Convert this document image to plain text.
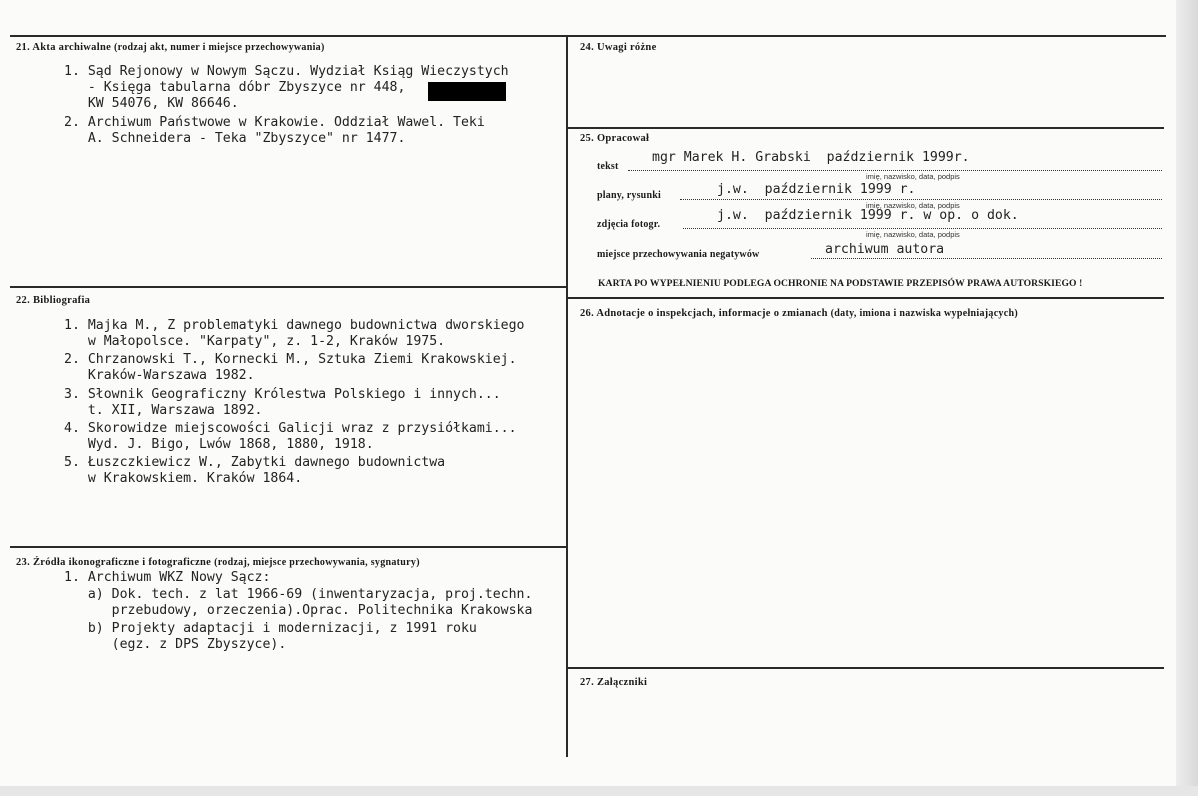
21. Akta archiwalne (rodzaj akt, numer i miejsce przechowywania)
1. Sąd Rejonowy w Nowym Sączu. Wydział Ksiąg Wieczystych
- Księga tabularna dóbr Zbyszyce nr 448,
KW 54076, KW 86646.
2. Archiwum Państwowe w Krakowie. Oddział Wawel. Teki
A. Schneidera - Teka "Zbyszyce" nr 1477.
22. Bibliografia
1. Majka M., Z problematyki dawnego budownictwa dworskiego
w Małopolsce. "Karpaty", z. 1-2, Kraków 1975.
2. Chrzanowski T., Kornecki M., Sztuka Ziemi Krakowskiej.
Kraków-Warszawa 1982.
3. Słownik Geograficzny Królestwa Polskiego i innych...
t. XII, Warszawa 1892.
4. Skorowidze miejscowości Galicji wraz z przysiółkami...
Wyd. J. Bigo, Lwów 1868, 1880, 1918.
5. Łuszczkiewicz W., Zabytki dawnego budownictwa
w Krakowskiem. Kraków 1864.
23. Źródła ikonograficzne i fotograficzne (rodzaj, miejsce przechowywania, sygnatury)
1. Archiwum WKZ Nowy Sącz:
a) Dok. tech. z lat 1966-69 (inwentaryzacja, proj.techn.
przebudowy, orzeczenia).Oprac. Politechnika Krakowska
b) Projekty adaptacji i modernizacji, z 1991 roku
(egz. z DPS Zbyszyce).
24. Uwagi różne
25. Opracował
tekst
mgr Marek H. Grabski  październik 1999r.
imię, nazwisko, data, podpis
plany, rysunki	j.w.  październik 1999 r.
imię, nazwisko, data, podpis
zdjęcia fotogr.
j.w.  październik 1999 r. w op. o dok.
imię, nazwisko, data, podpis
miejsce przechowywania negatywów	archiwum autora
KARTA PO WYPEŁNIENIU PODLEGA OCHRONIE NA PODSTAWIE PRZEPISÓW PRAWA AUTORSKIEGO !
26. Adnotacje o inspekcjach, informacje o zmianach (daty, imiona i nazwiska wypełniających)
27. Załączniki
